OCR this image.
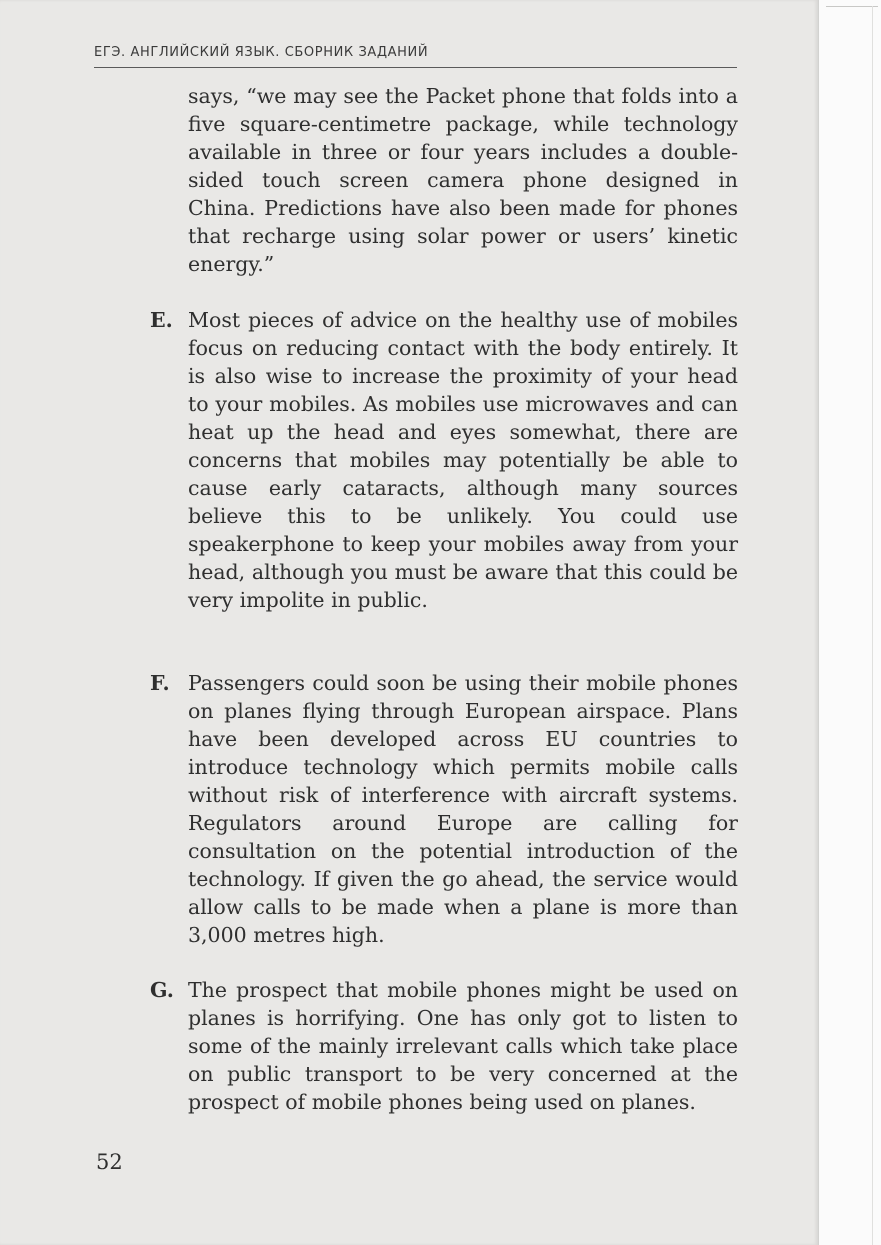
ЕГЭ. АНГЛИЙСКИЙ ЯЗЫК. СБОРНИК ЗАДАНИЙ

says, “we may see the Packet phone that folds into a five square-centimetre package, while technology available in three or four years includes a double-sided touch screen camera phone designed in China. Predictions have also been made for phones that recharge using solar power or users’ kinetic energy.”

E. Most pieces of advice on the healthy use of mobiles focus on reducing contact with the body entirely. It is also wise to increase the proximity of your head to your mobiles. As mobiles use microwaves and can heat up the head and eyes somewhat, there are concerns that mobiles may potentially be able to cause early cataracts, although many sources believe this to be unlikely. You could use speakerphone to keep your mobiles away from your head, although you must be aware that this could be very impolite in public.

F. Passengers could soon be using their mobile phones on planes flying through European airspace. Plans have been developed across EU countries to introduce technology which permits mobile calls without risk of interference with aircraft systems. Regulators around Europe are calling for consultation on the potential introduction of the technology. If given the go ahead, the service would allow calls to be made when a plane is more than 3,000 metres high.

G. The prospect that mobile phones might be used on planes is horrifying. One has only got to listen to some of the mainly irrelevant calls which take place on public transport to be very concerned at the prospect of mobile phones being used on planes.

52
